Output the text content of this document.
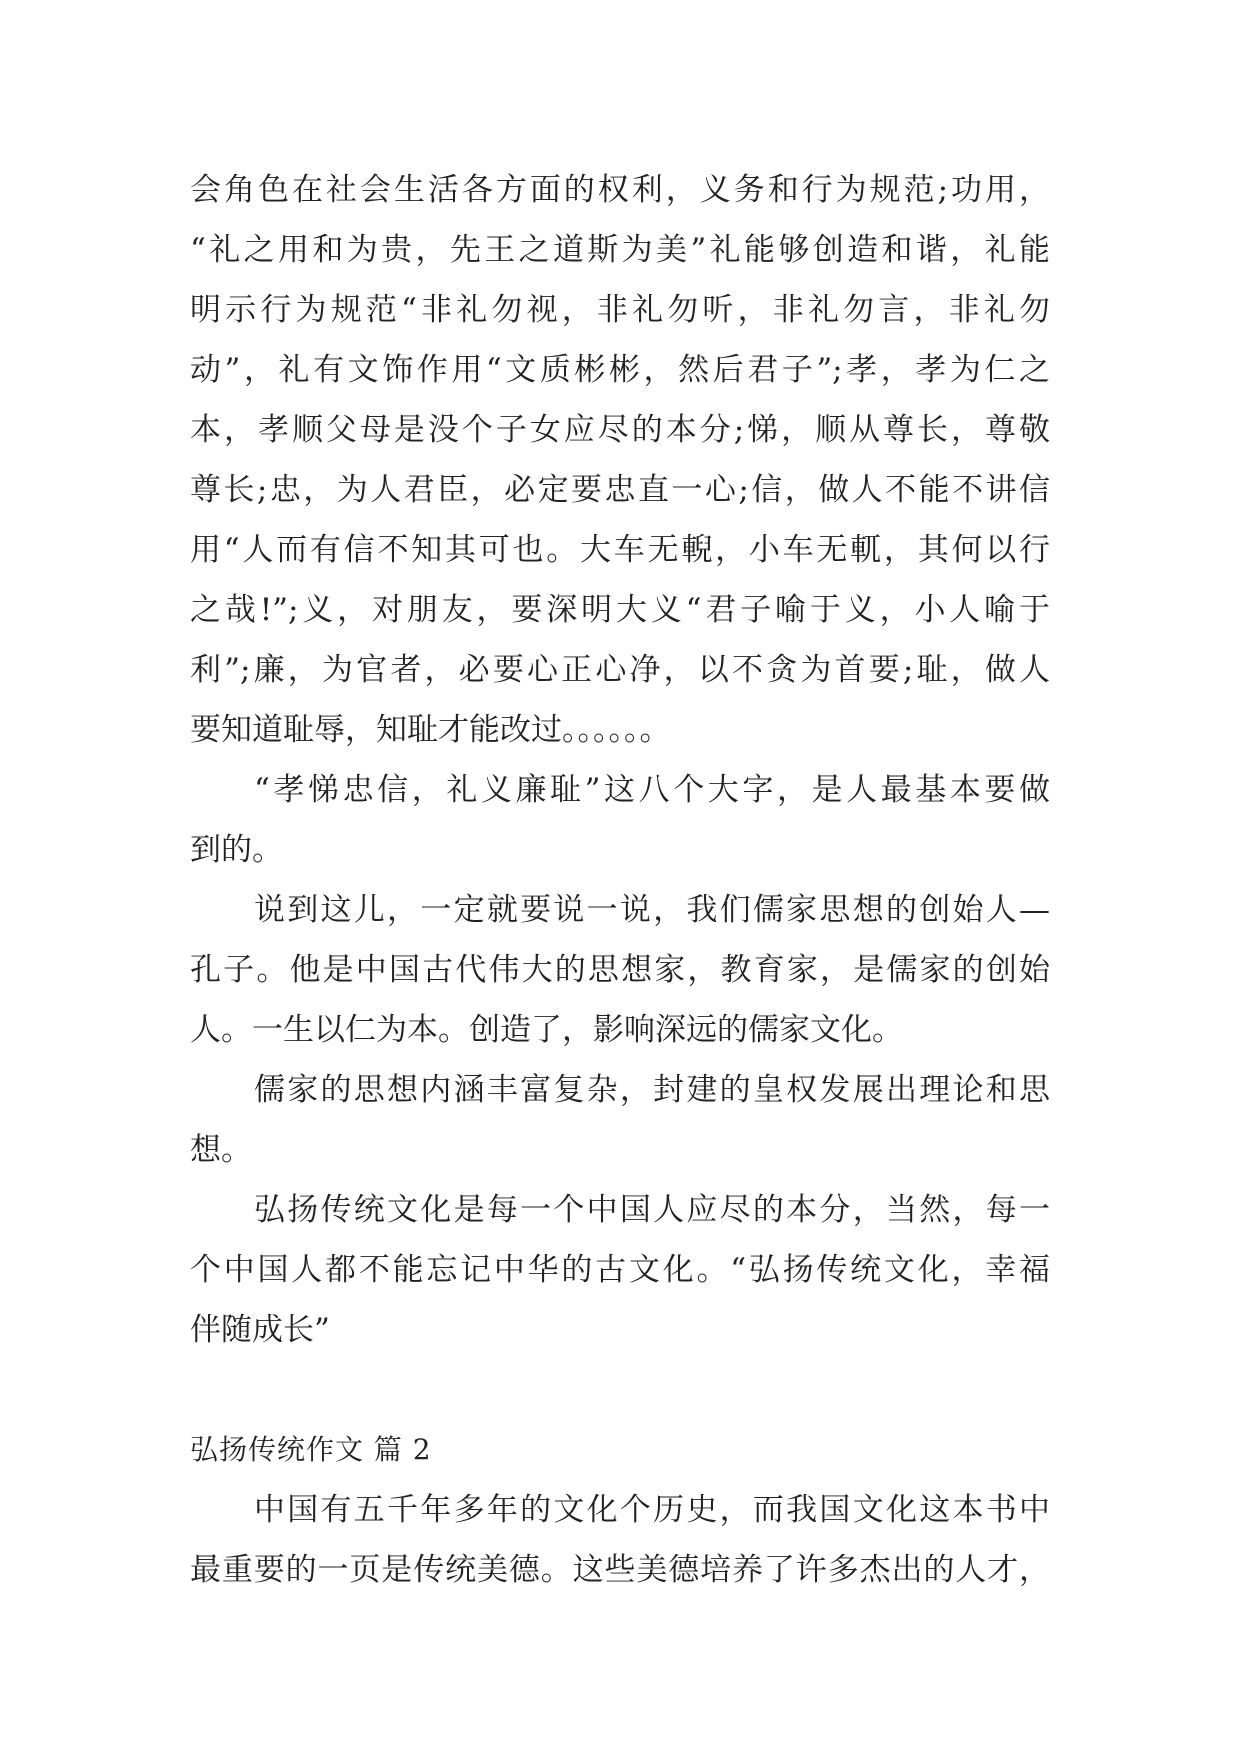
会角色在社会生活各方面的权利，义务和行为规范;功用，
“礼之用和为贵，先王之道斯为美”礼能够创造和谐，礼能
明示行为规范“非礼勿视，非礼勿听，非礼勿言，非礼勿
动”，礼有文饰作用“文质彬彬，然后君子”;孝，孝为仁之
本，孝顺父母是没个子女应尽的本分;悌，顺从尊长，尊敬
尊长;忠，为人君臣，必定要忠直一心;信，做人不能不讲信
用“人而有信不知其可也。大车无輗，小车无軏，其何以行
之哉!”;义，对朋友，要深明大义“君子喻于义，小人喻于
利”;廉，为官者，必要心正心净，以不贪为首要;耻，做人
要知道耻辱，知耻才能改过。。。。。。
“孝悌忠信，礼义廉耻”这八个大字，是人最基本要做
到的。
说到这儿，一定就要说一说，我们儒家思想的创始人—
孔子。他是中国古代伟大的思想家，教育家，是儒家的创始
人。一生以仁为本。创造了，影响深远的儒家文化。
儒家的思想内涵丰富复杂，封建的皇权发展出理论和思
想。
弘扬传统文化是每一个中国人应尽的本分，当然，每一
个中国人都不能忘记中华的古文化。“弘扬传统文化，幸福
伴随成长”
弘扬传统作文 篇 2
中国有五千年多年的文化个历史，而我国文化这本书中
最重要的一页是传统美德。这些美德培养了许多杰出的人才，
